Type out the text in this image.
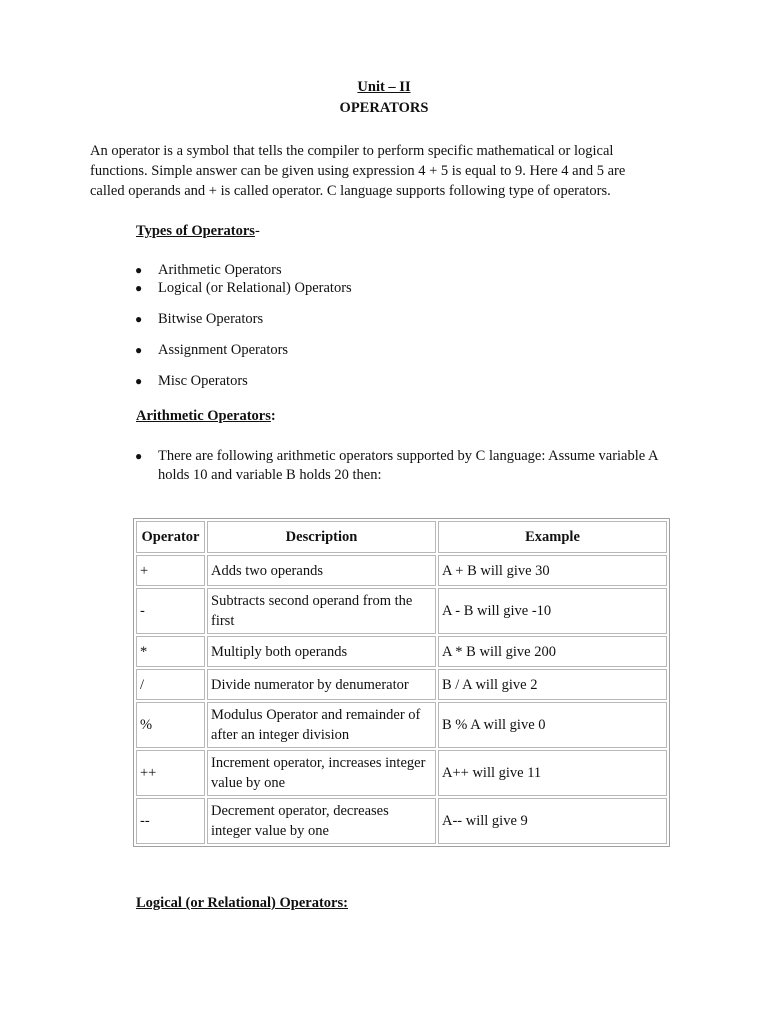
Unit – II
OPERATORS
An operator is a symbol that tells the compiler to perform specific mathematical or logical functions. Simple answer can be given using expression 4 + 5 is equal to 9. Here 4 and 5 are called operands and + is called operator. C language supports following type of operators.
Types of Operators-
●	Arithmetic Operators
●	Logical (or Relational) Operators
●	Bitwise Operators
●	Assignment Operators
●	Misc Operators
Arithmetic Operators:
●	There are following arithmetic operators supported by C language: Assume variable A holds 10 and variable B holds 20 then:
Operator	Description	Example
+	Adds two operands	A + B will give 30
-	Subtracts second operand from the first	A - B will give -10
*	Multiply both operands	A * B will give 200
/	Divide numerator by denumerator	B / A will give 2
%	Modulus Operator and remainder of after an integer division	B % A will give 0
++	Increment operator, increases integer value by one	A++ will give 11
--	Decrement operator, decreases integer value by one	A-- will give 9
Logical (or Relational) Operators:
